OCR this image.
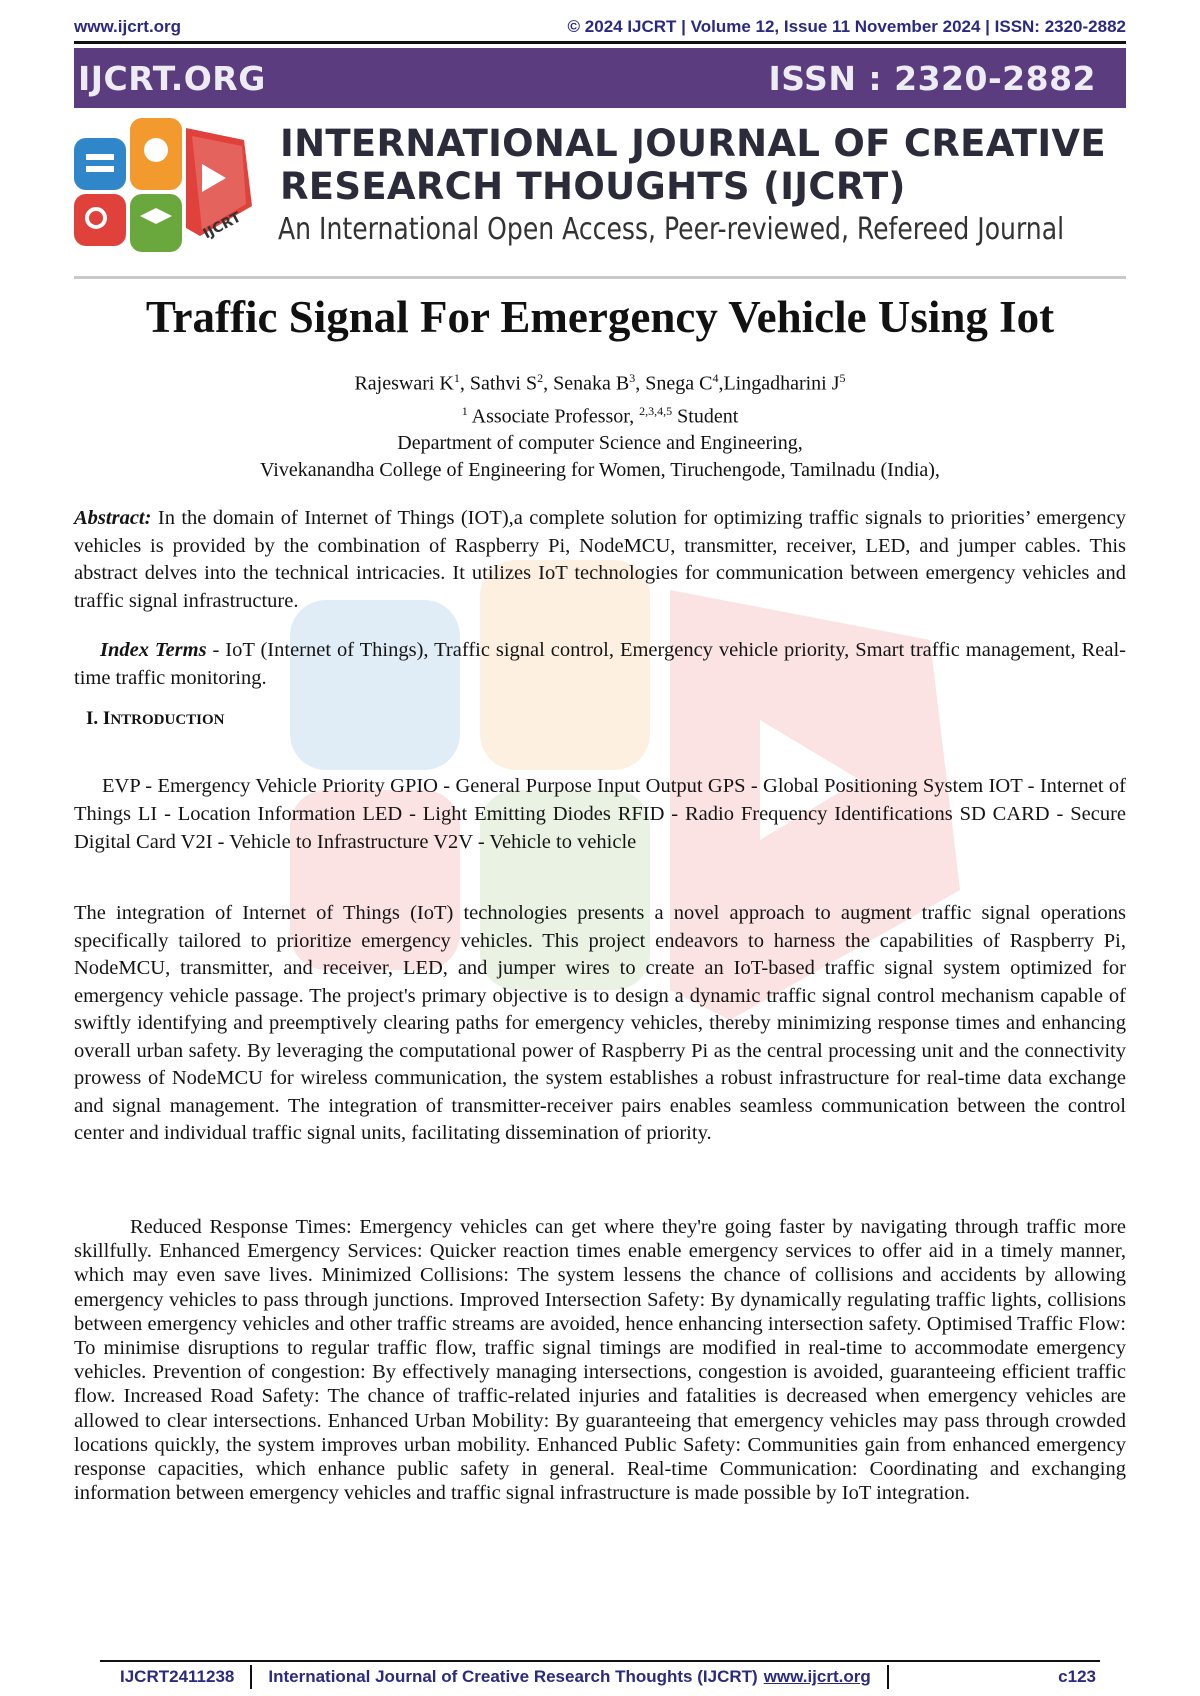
www.ijcrt.org	© 2024 IJCRT | Volume 12, Issue 11 November 2024 | ISSN: 2320-2882
IJCRT.ORG	ISSN : 2320-2882
IJCRT
INTERNATIONAL JOURNAL OF CREATIVE
RESEARCH THOUGHTS (IJCRT)
An International Open Access, Peer-reviewed, Refereed Journal
Traffic Signal For Emergency Vehicle Using Iot
Rajeswari $K^1$, Sathvi $S^2$, Senaka $B^3$, Snega $C^4,Lingadharini$ $J^5$
$^1$ Associate Professor, $^{2,3,4,5}$ Student
Department of computer Science and Engineering,
Vivekanandha College of Engineering for Women, Tiruchengode, Tamilnadu (India),
Abstract: In the domain of Internet of Things (IOT),a complete solution for optimizing traffic signals to priorities’ emergency vehicles is provided by the combination of Raspberry Pi, NodeMCU, transmitter, receiver, LED, and jumper cables. This abstract delves into the technical intricacies. It utilizes IoT technologies for communication between emergency vehicles and traffic signal infrastructure.
Index Terms - IoT (Internet of Things), Traffic signal control, Emergency vehicle priority, Smart traffic management, Real-time traffic monitoring.
I. INTRODUCTION
EVP - Emergency Vehicle Priority GPIO - General Purpose Input Output GPS - Global Positioning System IOT - Internet of Things LI - Location Information LED - Light Emitting Diodes RFID - Radio Frequency Identifications SD CARD - Secure Digital Card V2I - Vehicle to Infrastructure V2V - Vehicle to vehicle
The integration of Internet of Things (IoT) technologies presents a novel approach to augment traffic signal operations specifically tailored to prioritize emergency vehicles. This project endeavors to harness the capabilities of Raspberry Pi, NodeMCU, transmitter, and receiver, LED, and jumper wires to create an IoT-based traffic signal system optimized for emergency vehicle passage. The project's primary objective is to design a dynamic traffic signal control mechanism capable of swiftly identifying and preemptively clearing paths for emergency vehicles, thereby minimizing response times and enhancing overall urban safety. By leveraging the computational power of Raspberry Pi as the central processing unit and the connectivity prowess of NodeMCU for wireless communication, the system establishes a robust infrastructure for real-time data exchange and signal management. The integration of transmitter-receiver pairs enables seamless communication between the control center and individual traffic signal units, facilitating dissemination of priority.
Reduced Response Times: Emergency vehicles can get where they're going faster by navigating through traffic more skillfully. Enhanced Emergency Services: Quicker reaction times enable emergency services to offer aid in a timely manner, which may even save lives. Minimized Collisions: The system lessens the chance of collisions and accidents by allowing emergency vehicles to pass through junctions. Improved Intersection Safety: By dynamically regulating traffic lights, collisions between emergency vehicles and other traffic streams are avoided, hence enhancing intersection safety. Optimised Traffic Flow: To minimise disruptions to regular traffic flow, traffic signal timings are modified in real-time to accommodate emergency vehicles. Prevention of congestion: By effectively managing intersections, congestion is avoided, guaranteeing efficient traffic flow. Increased Road Safety: The chance of traffic-related injuries and fatalities is decreased when emergency vehicles are allowed to clear intersections. Enhanced Urban Mobility: By guaranteeing that emergency vehicles may pass through crowded locations quickly, the system improves urban mobility. Enhanced Public Safety: Communities gain from enhanced emergency response capacities, which enhance public safety in general. Real-time Communication: Coordinating and exchanging information between emergency vehicles and traffic signal infrastructure is made possible by IoT integration.
IJCRT2411238 International Journal of Creative Research Thoughts (IJCRT) www.ijcrt.org	c123
